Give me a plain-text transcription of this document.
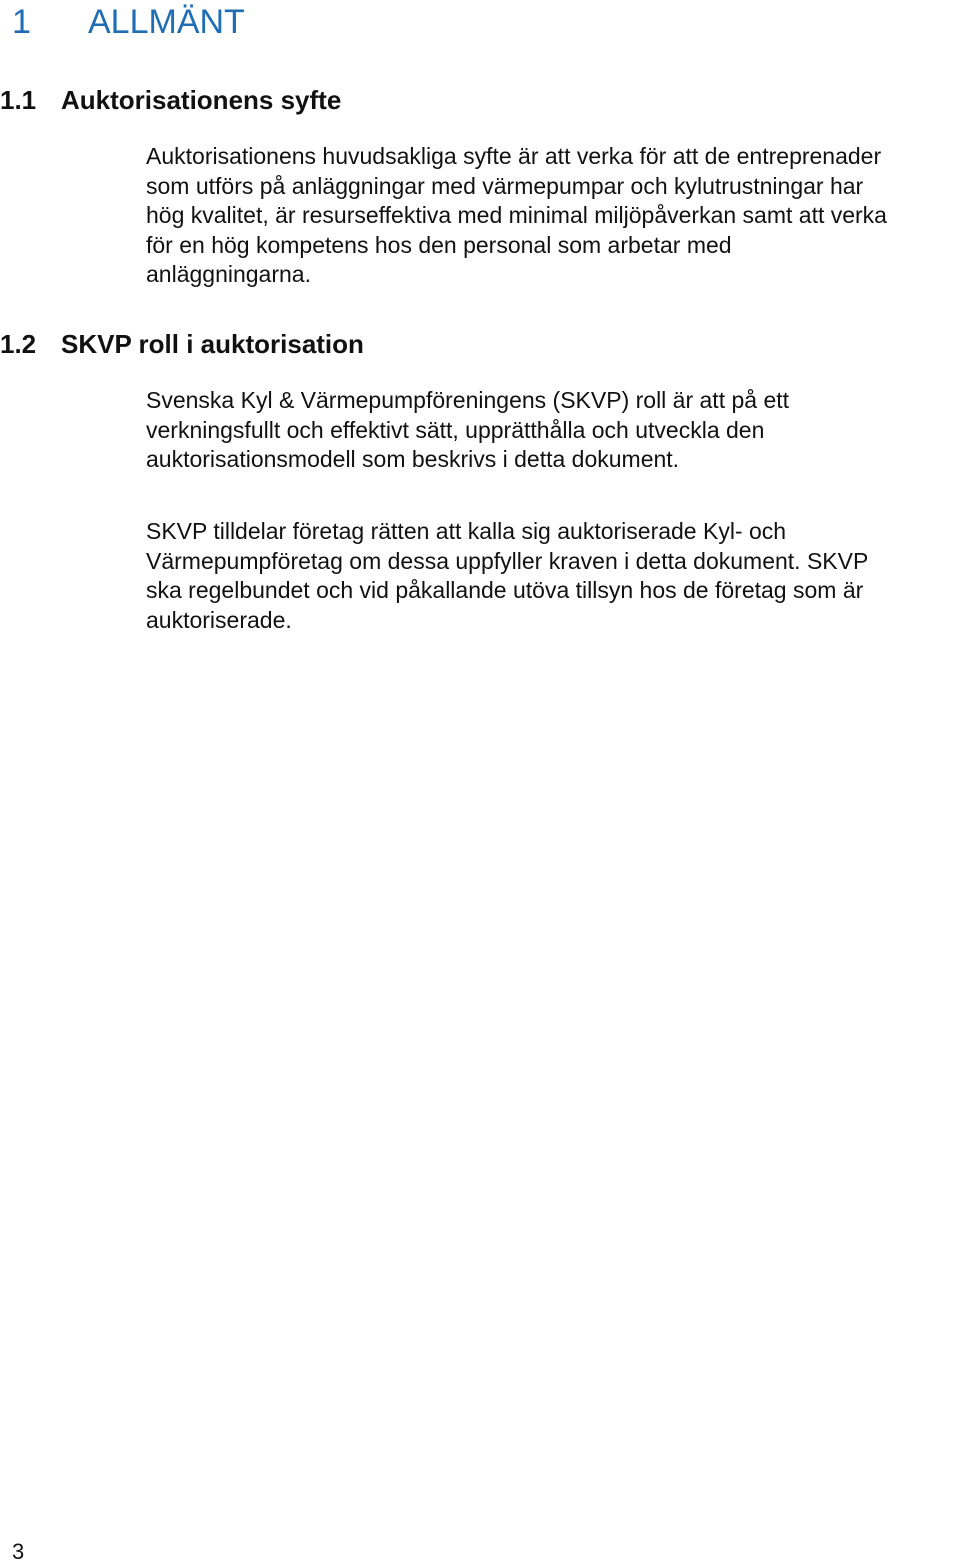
1 ALLMÄNT
1.1 Auktorisationens syfte

Auktorisationens huvudsakliga syfte är att verka för att de entreprenader
som utförs på anläggningar med värmepumpar och kylutrustningar har
hög kvalitet, är resurseffektiva med minimal miljöpåverkan samt att verka
för en hög kompetens hos den personal som arbetar med
anläggningarna.

1.2 SKVP roll i auktorisation

Svenska Kyl & Värmepumpföreningens (SKVP) roll är att på ett
verkningsfullt och effektivt sätt, upprätthålla och utveckla den
auktorisationsmodell som beskrivs i detta dokument.

SKVP tilldelar företag rätten att kalla sig auktoriserade Kyl- och
Värmepumpföretag om dessa uppfyller kraven i detta dokument. SKVP
ska regelbundet och vid påkallande utöva tillsyn hos de företag som är
auktoriserade.

3
